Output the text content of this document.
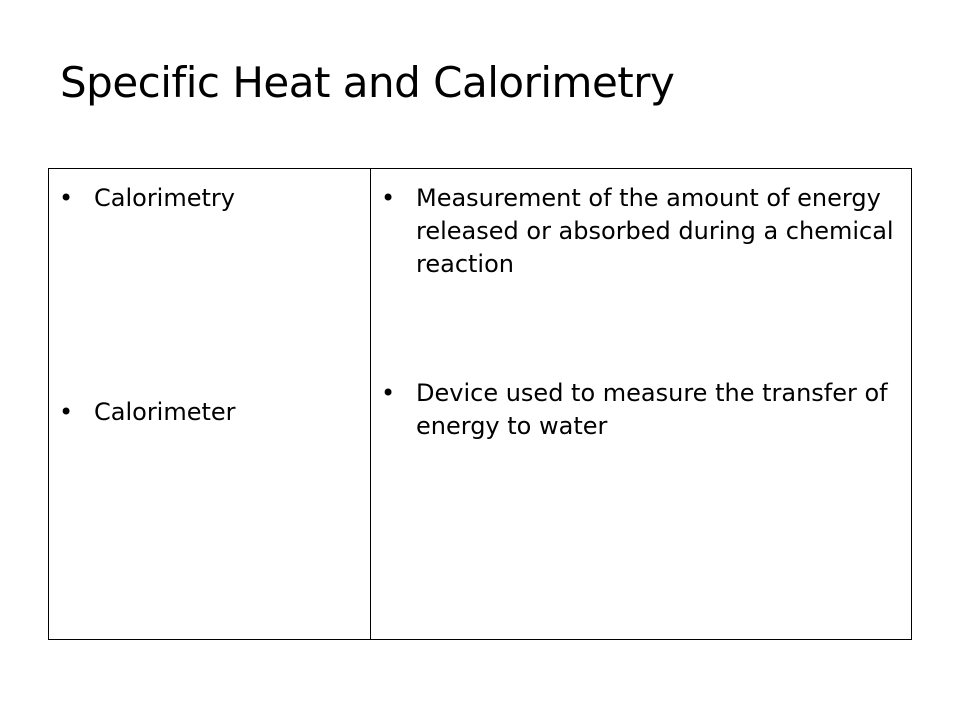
Specific Heat and Calorimetry
• Calorimetry
• Calorimeter
• Measurement of the amount of energy released or absorbed during a chemical reaction
• Device used to measure the transfer of energy to water
